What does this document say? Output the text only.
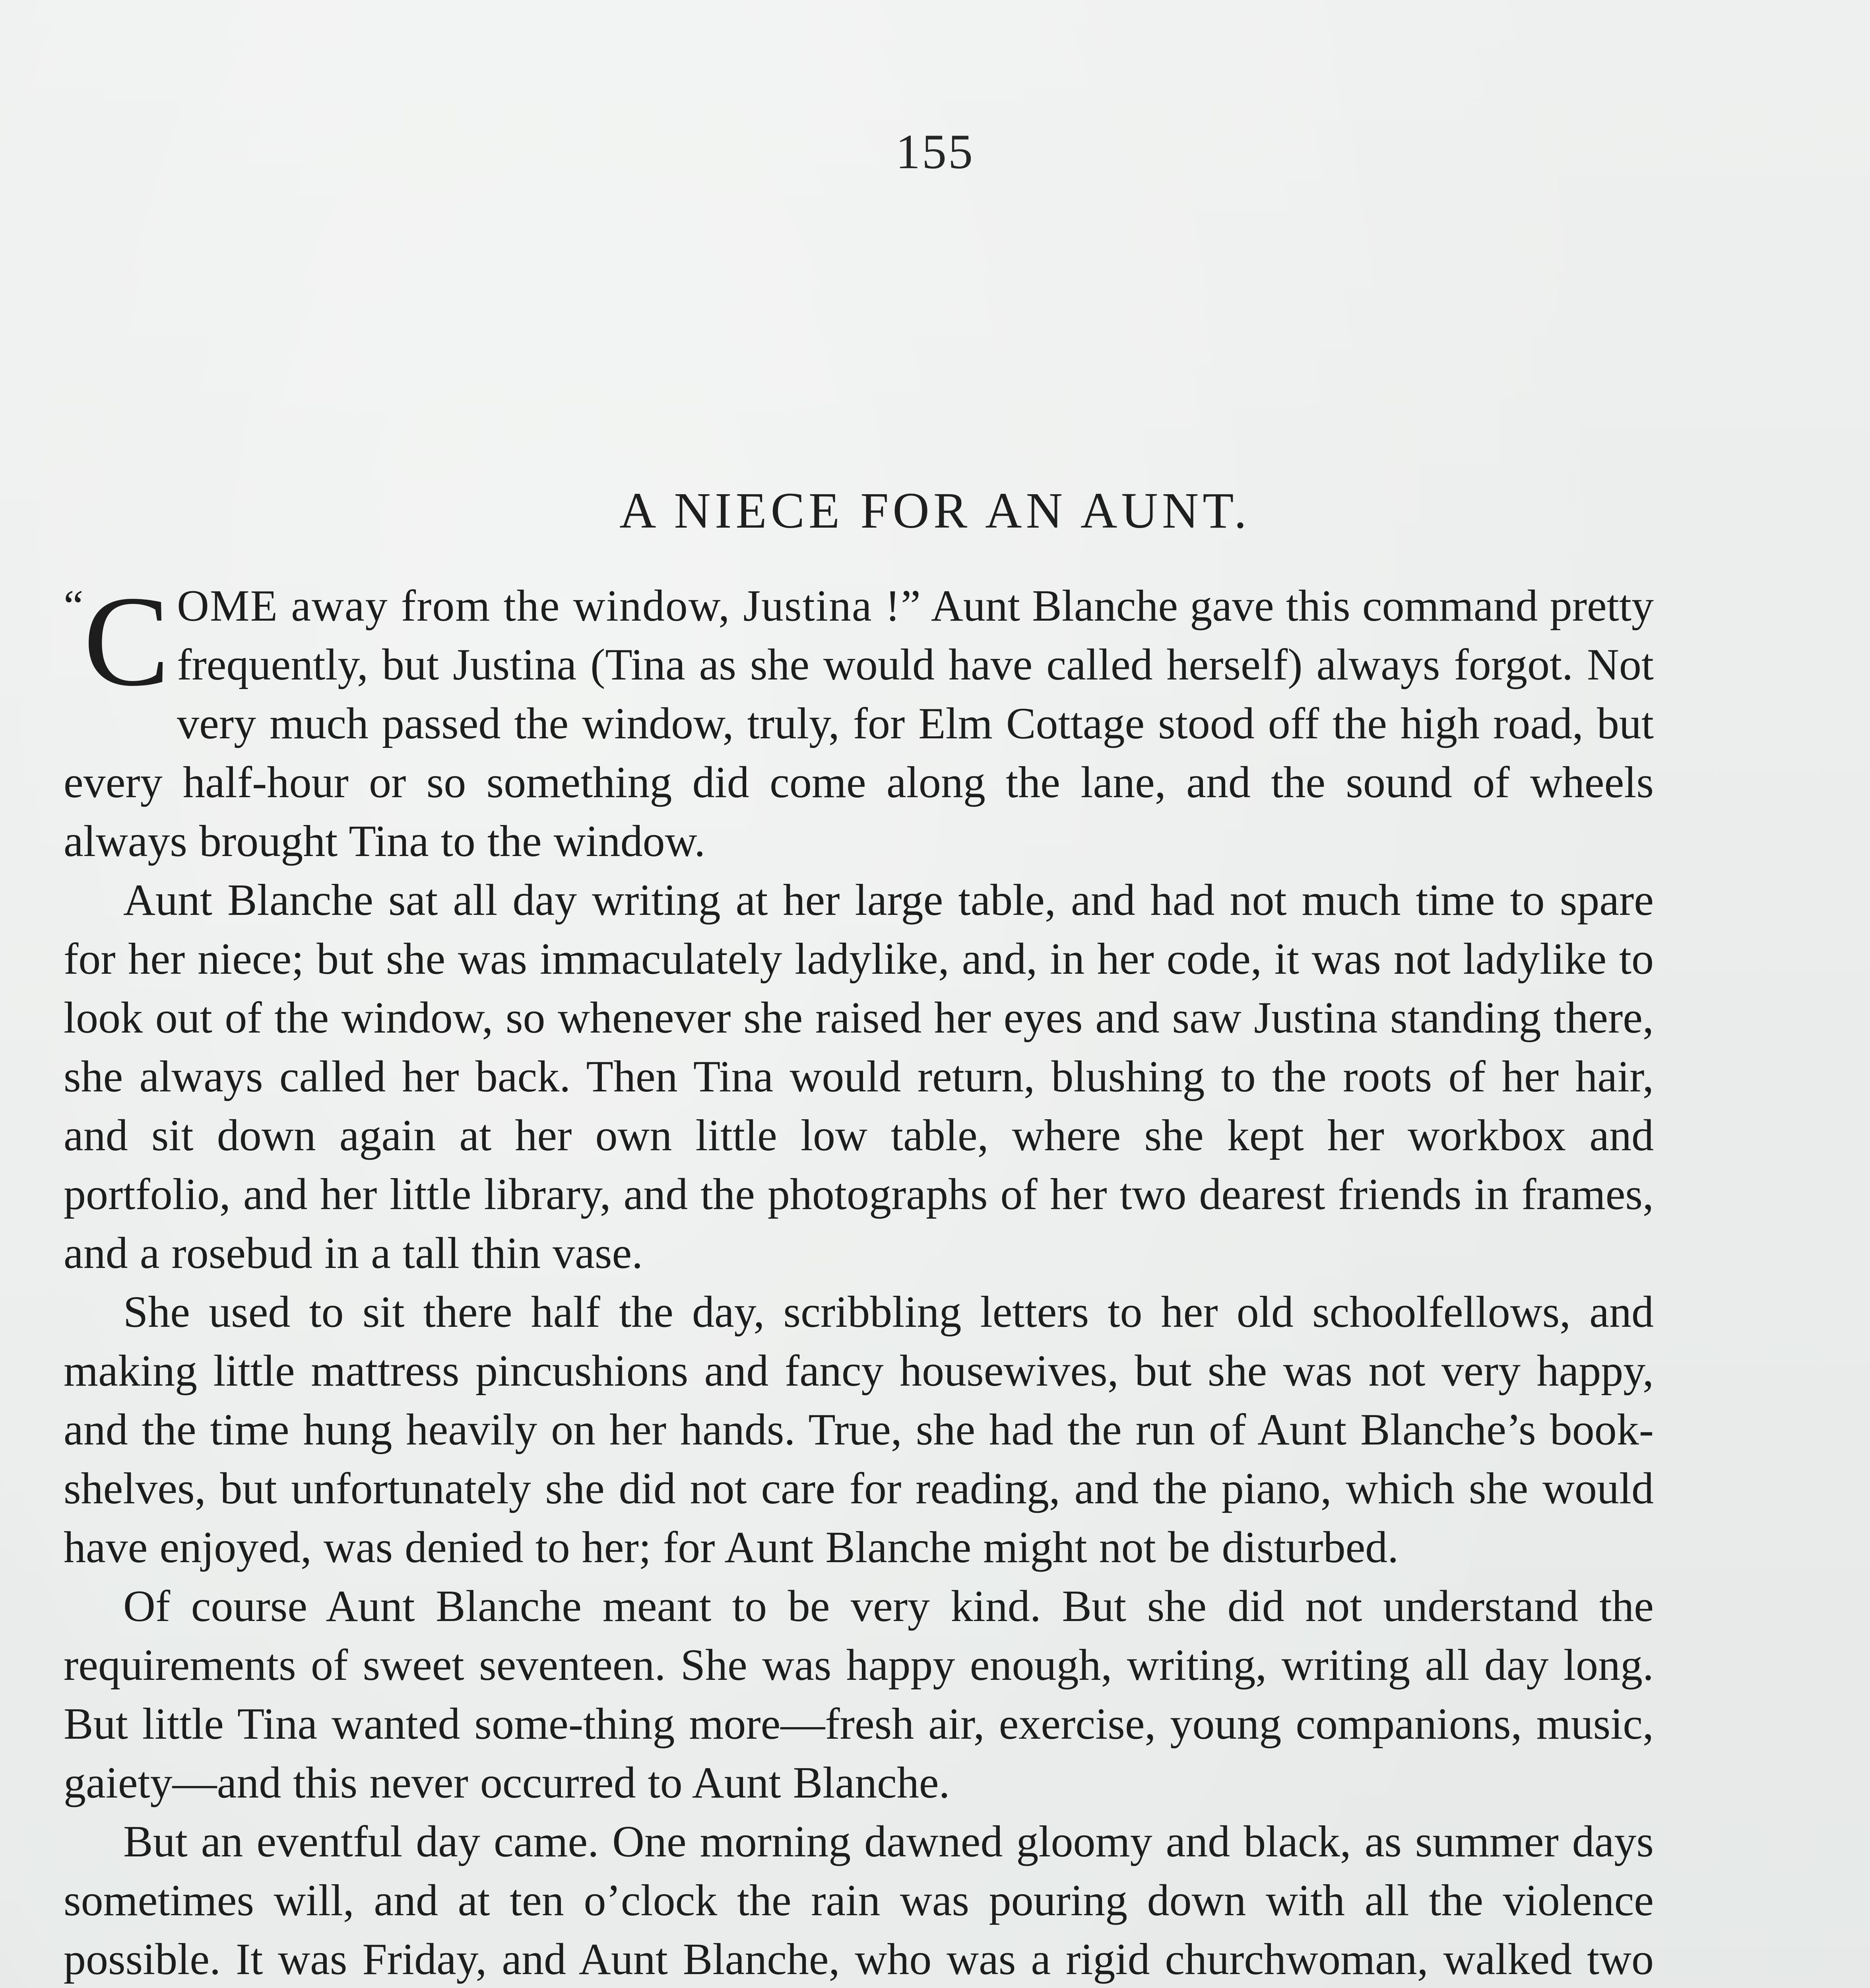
155
A NIECE FOR AN AUNT.

“ C OME away from the window, Justina !” Aunt Blanche gave this command pretty frequently, but Justina (Tina as she would have called herself) always forgot. Not very much passed the window, truly, for Elm Cottage stood off the high road, but every half-hour or so something did come along the lane, and the sound of wheels always brought Tina to the window.

Aunt Blanche sat all day writing at her large table, and had not much time to spare for her niece; but she was immaculately ladylike, and, in her code, it was not ladylike to look out of the window, so whenever she raised her eyes and saw Justina standing there, she always called her back. Then Tina would return, blushing to the roots of her hair, and sit down again at her own little low table, where she kept her workbox and portfolio, and her little library, and the photographs of her two dearest friends in frames, and a rosebud in a tall thin vase.

She used to sit there half the day, scribbling letters to her old schoolfellows, and making little mattress pincushions and fancy housewives, but she was not very happy, and the time hung heavily on her hands. True, she had the run of Aunt Blanche’s book-shelves, but unfortunately she did not care for reading, and the piano, which she would have enjoyed, was denied to her; for Aunt Blanche might not be disturbed.

Of course Aunt Blanche meant to be very kind. But she did not understand the requirements of sweet seventeen. She was happy enough, writing, writing all day long. But little Tina wanted some-thing more—fresh air, exercise, young companions, music, gaiety—and this never occurred to Aunt Blanche.

But an eventful day came. One morning dawned gloomy and black, as summer days sometimes will, and at ten o’clock the rain was pouring down with all the violence possible. It was Friday, and Aunt Blanche, who was a rigid churchwoman, walked two
